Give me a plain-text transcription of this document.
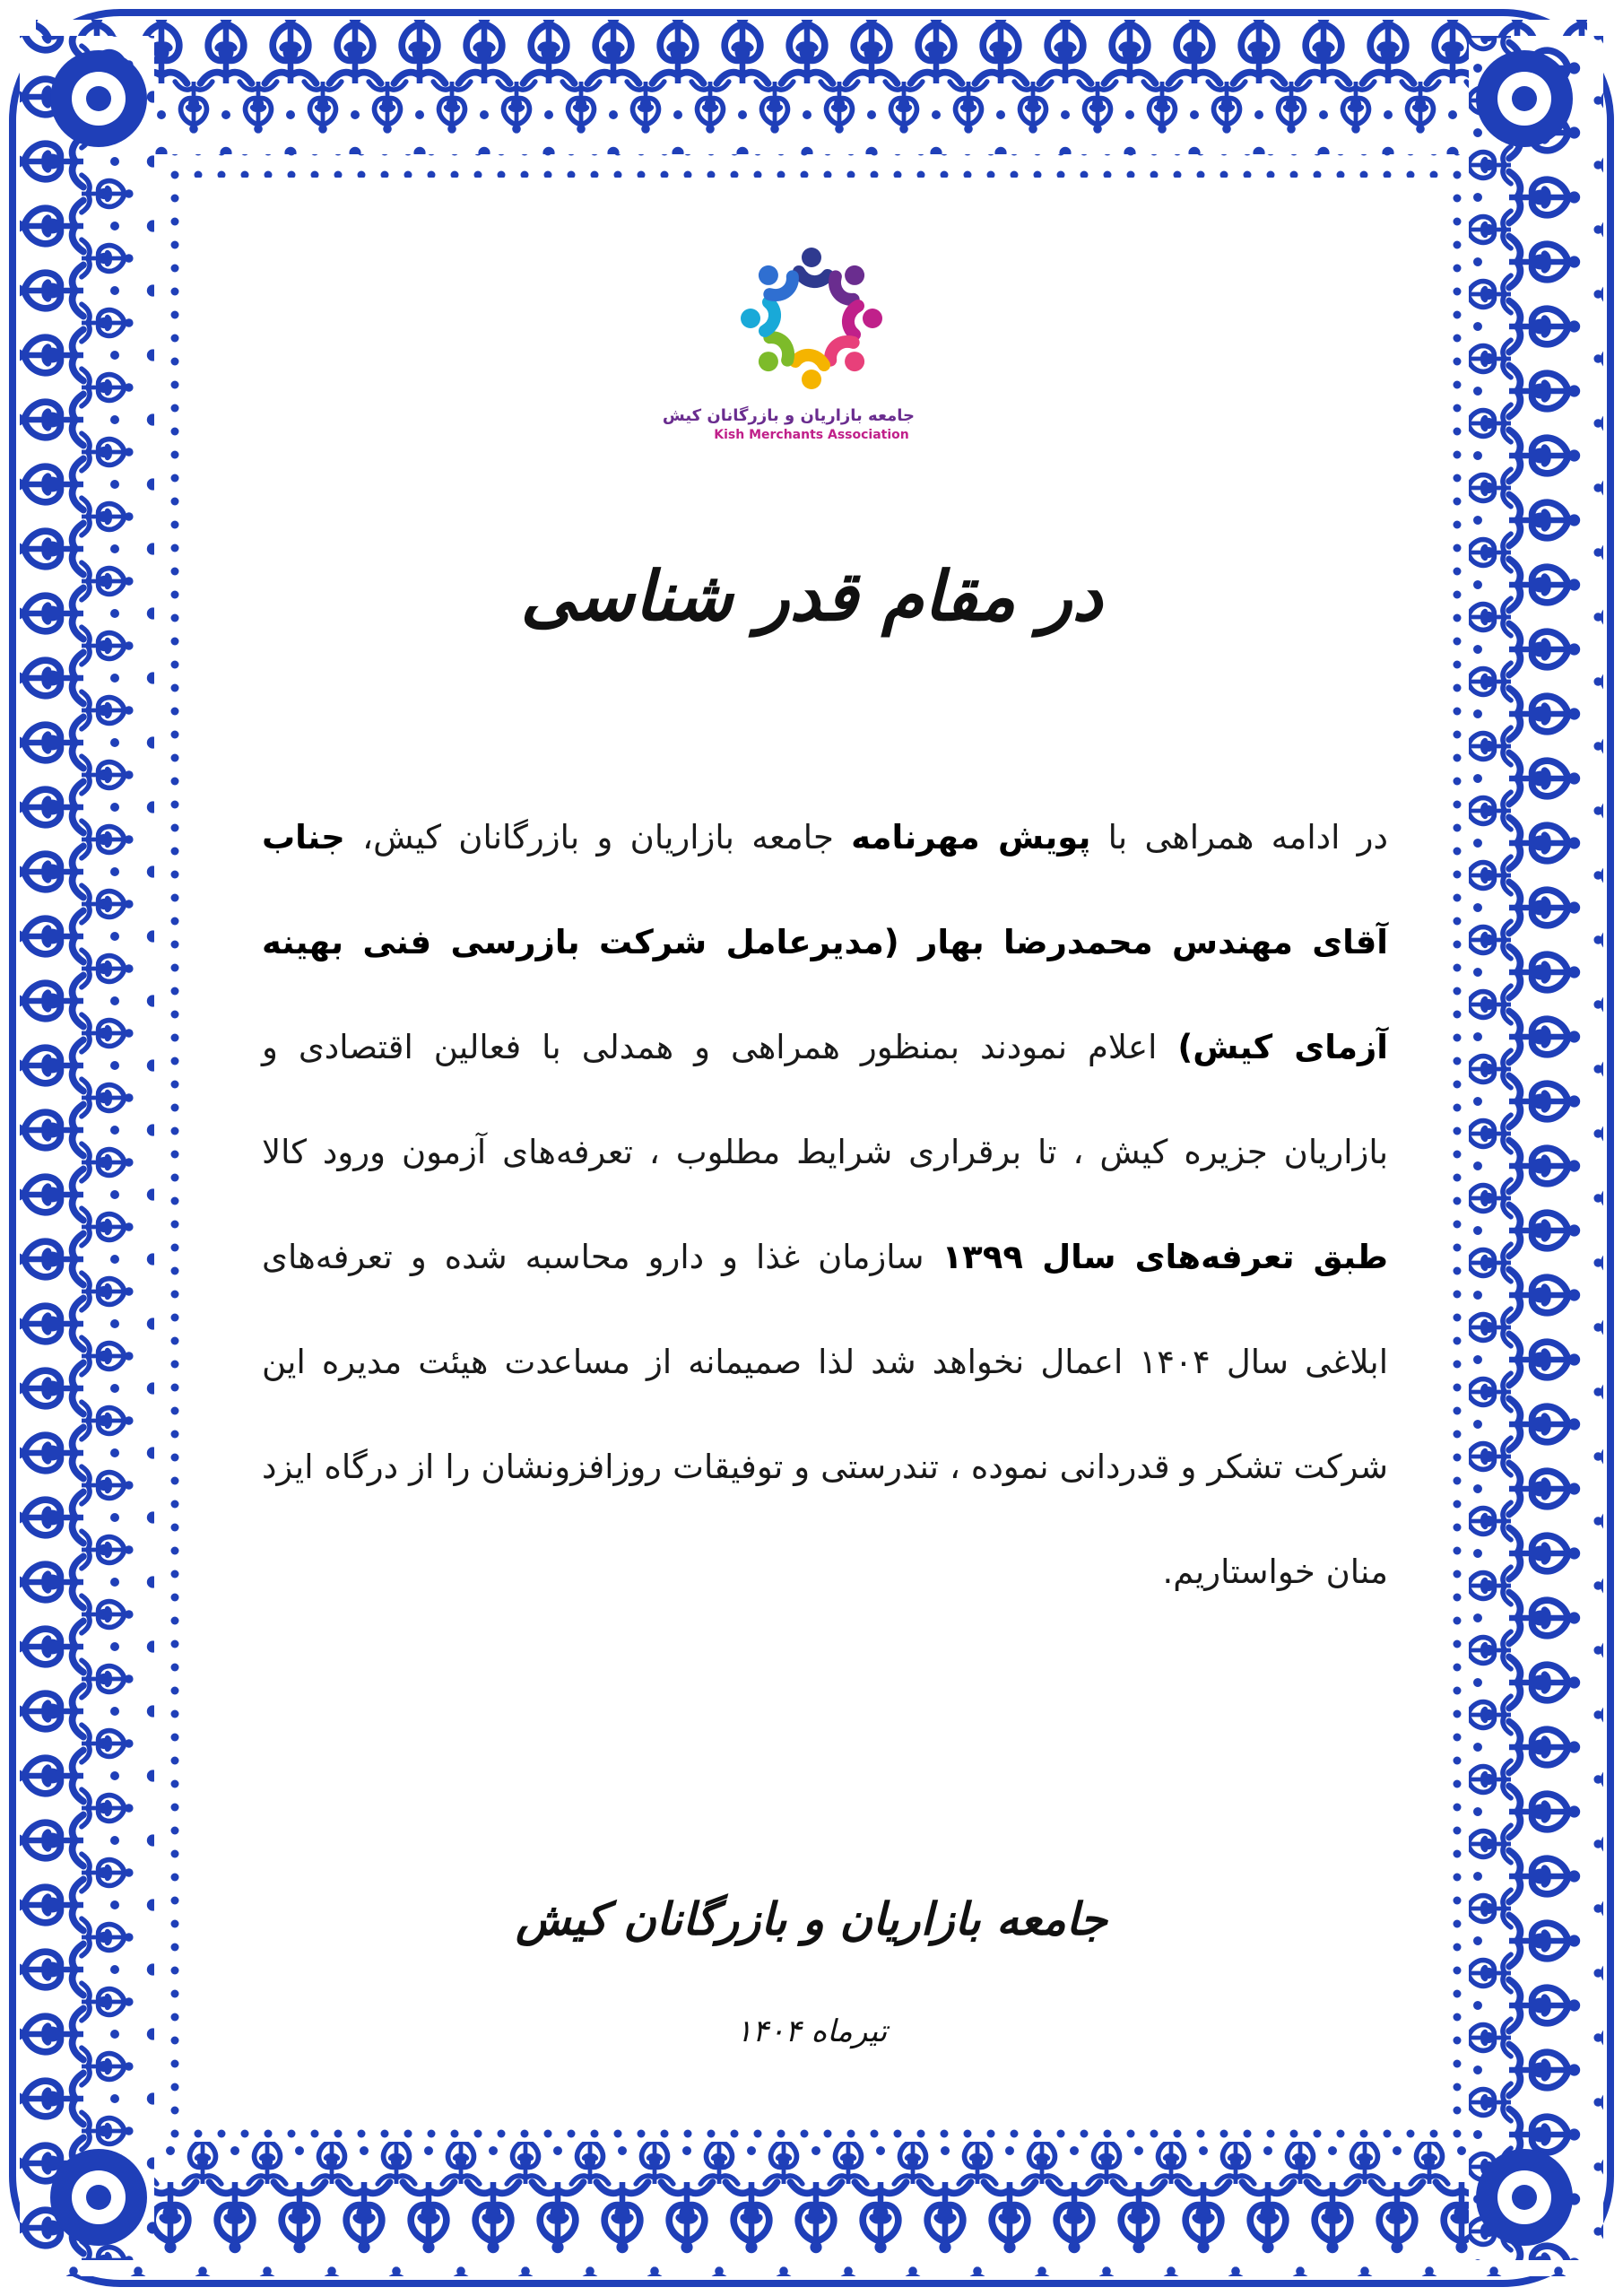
جامعه بازاریان و بازرگانان کیش
Kish Merchants Association
در مقام قدر شناسی
در ادامه همراهی با پویش مهرنامه جامعه بازاریان و بازرگانان کیش، جناب آقای مهندس محمدرضا بهار (مدیرعامل شرکت بازرسی فنی بهینه آزمای کیش) اعلام نمودند بمنظور همراهی و همدلی با فعالین اقتصادی و بازاریان جزیره کیش ، تا برقراری شرایط مطلوب ، تعرفه‌های آزمون ورود کالا طبق تعرفه‌های سال ۱۳۹۹ سازمان غذا و دارو محاسبه شده و تعرفه‌های ابلاغی سال ۱۴۰۴ اعمال نخواهد شد لذا صمیمانه از مساعدت هیئت مدیره این شرکت تشکر و قدردانی نموده ، تندرستی و توفیقات روزافزونشان را از درگاه ایزد منان خواستاریم.
جامعه بازاریان و بازرگانان کیش
تیرماه ۱۴۰۴
